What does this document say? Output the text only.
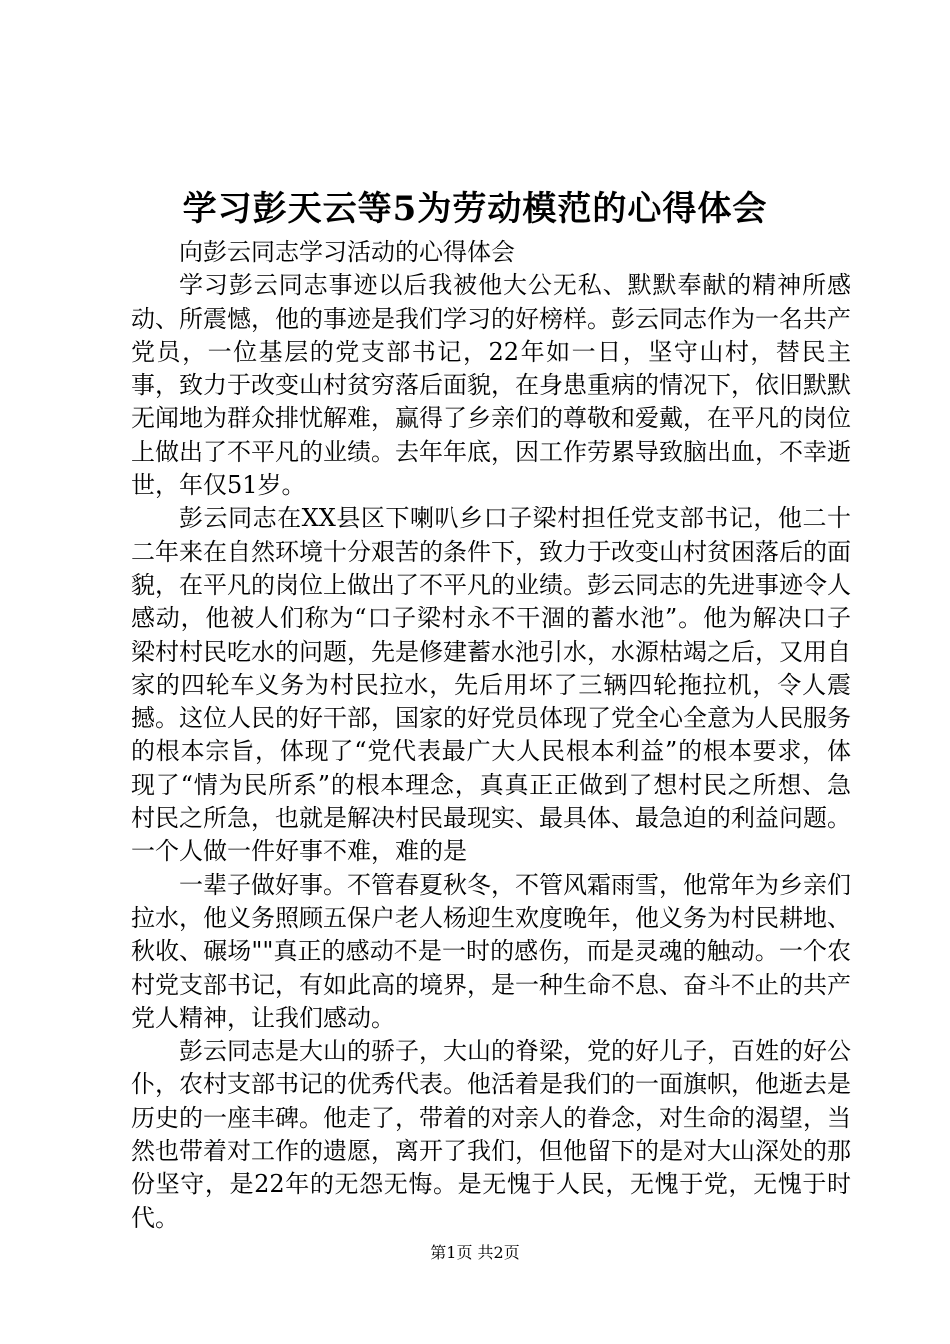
学习彭天云等5为劳动模范的心得体会

向彭云同志学习活动的心得体会

学习彭云同志事迹以后我被他大公无私、默默奉献的精神所感动、所震憾，他的事迹是我们学习的好榜样。彭云同志作为一名共产党员，一位基层的党支部书记，22年如一日，坚守山村，替民主事，致力于改变山村贫穷落后面貌，在身患重病的情况下，依旧默默无闻地为群众排忧解难，赢得了乡亲们的尊敬和爱戴，在平凡的岗位上做出了不平凡的业绩。去年年底，因工作劳累导致脑出血，不幸逝世，年仅51岁。

彭云同志在XX县区下喇叭乡口子梁村担任党支部书记，他二十二年来在自然环境十分艰苦的条件下，致力于改变山村贫困落后的面貌，在平凡的岗位上做出了不平凡的业绩。彭云同志的先进事迹令人感动，他被人们称为“口子梁村永不干涸的蓄水池”。他为解决口子梁村村民吃水的问题，先是修建蓄水池引水，水源枯竭之后，又用自家的四轮车义务为村民拉水，先后用坏了三辆四轮拖拉机，令人震撼。这位人民的好干部，国家的好党员体现了党全心全意为人民服务的根本宗旨，体现了“党代表最广大人民根本利益”的根本要求，体现了“情为民所系”的根本理念，真真正正做到了想村民之所想、急村民之所急，也就是解决村民最现实、最具体、最急迫的利益问题。一个人做一件好事不难，难的是

一辈子做好事。不管春夏秋冬，不管风霜雨雪，他常年为乡亲们拉水，他义务照顾五保户老人杨迎生欢度晚年，他义务为村民耕地、秋收、碾场""真正的感动不是一时的感伤，而是灵魂的触动。一个农村党支部书记，有如此高的境界，是一种生命不息、奋斗不止的共产党人精神，让我们感动。

彭云同志是大山的骄子，大山的脊梁，党的好儿子，百姓的好公仆，农村支部书记的优秀代表。他活着是我们的一面旗帜，他逝去是历史的一座丰碑。他走了，带着的对亲人的眷念，对生命的渴望，当然也带着对工作的遗愿，离开了我们，但他留下的是对大山深处的那份坚守，是22年的无怨无悔。是无愧于人民，无愧于党，无愧于时代。

第1页 共2页
